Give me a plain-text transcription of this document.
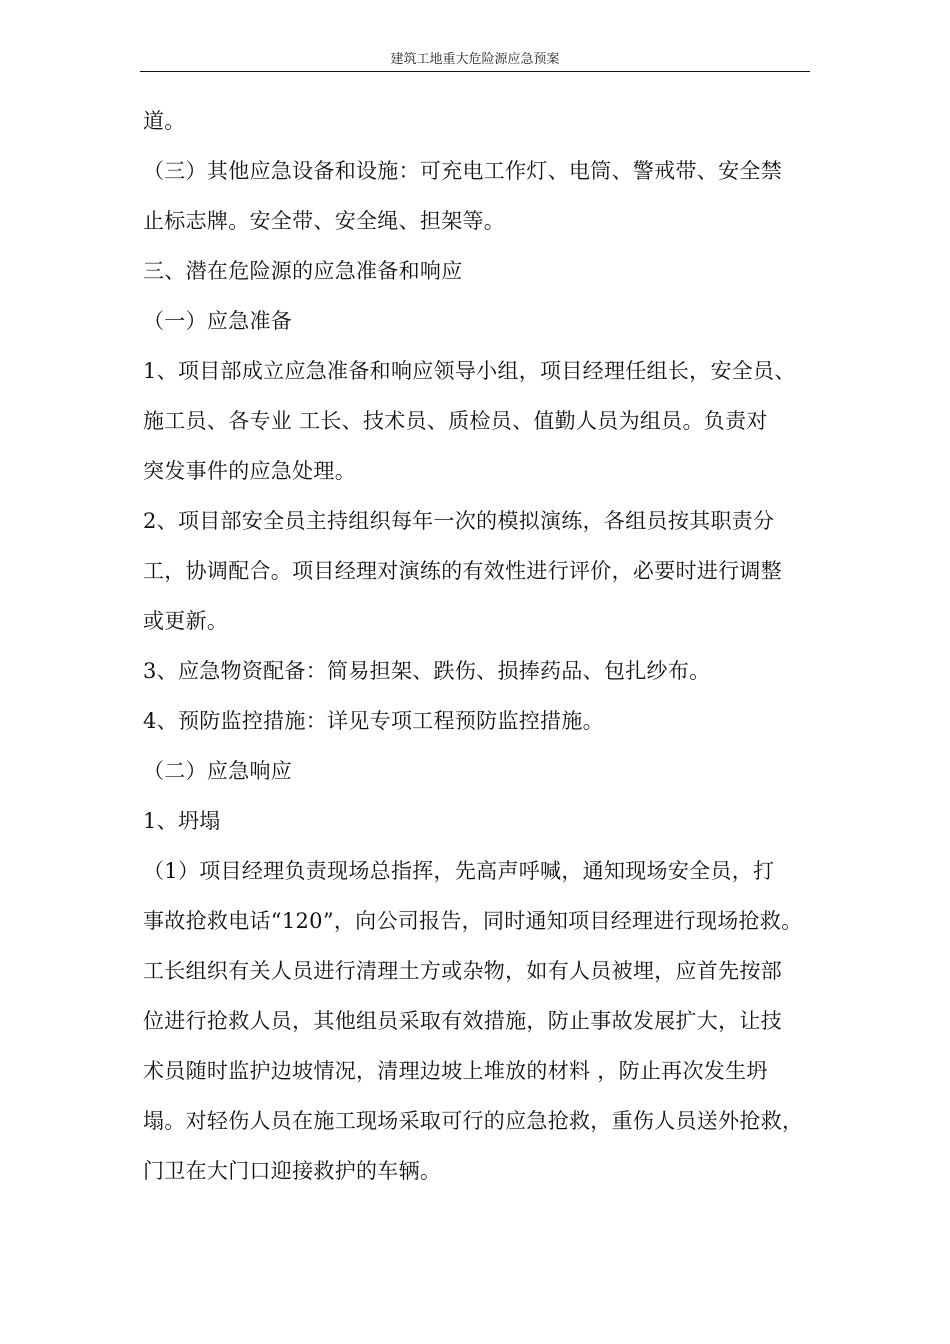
建筑工地重大危险源应急预案
道。
（三）其他应急设备和设施：可充电工作灯、电筒、警戒带、安全禁
止标志牌。安全带、安全绳、担架等。
三、潜在危险源的应急准备和响应
（一）应急准备
1、项目部成立应急准备和响应领导小组，项目经理任组长，安全员、
施工员、各专业 工长、技术员、质检员、值勤人员为组员。负责对
突发事件的应急处理。
2、项目部安全员主持组织每年一次的模拟演练，各组员按其职责分
工，协调配合。项目经理对演练的有效性进行评价，必要时进行调整
或更新。
3、应急物资配备：简易担架、跌伤、损捧药品、包扎纱布。
4、预防监控措施：详见专项工程预防监控措施。
（二）应急响应
1、坍塌
（1）项目经理负责现场总指挥，先高声呼喊，通知现场安全员，打
事故抢救电话“120”，向公司报告，同时通知项目经理进行现场抢救。
工长组织有关人员进行清理土方或杂物，如有人员被埋，应首先按部
位进行抢救人员，其他组员采取有效措施，防止事故发展扩大，让技
术员随时监护边坡情况，清理边坡上堆放的材料 ，防止再次发生坍
塌。对轻伤人员在施工现场采取可行的应急抢救，重伤人员送外抢救，
门卫在大门口迎接救护的车辆。
